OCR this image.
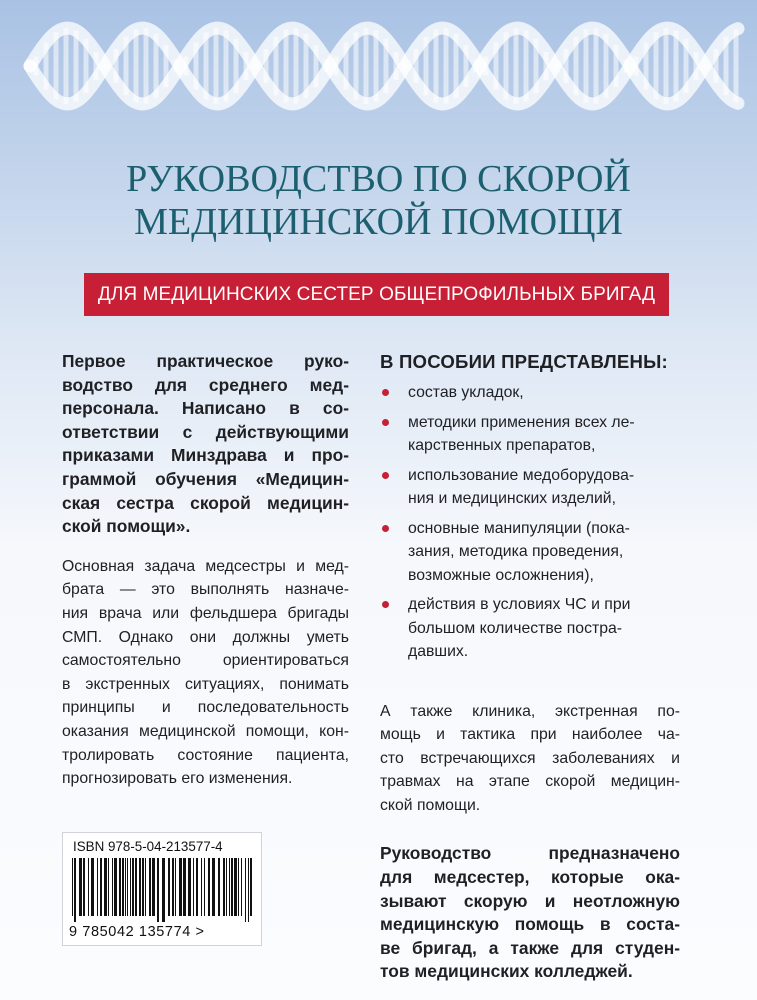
РУКОВОДСТВО ПО СКОРОЙ
МЕДИЦИНСКОЙ ПОМОЩИ
ДЛЯ МЕДИЦИНСКИХ СЕСТЕР ОБЩЕПРОФИЛЬНЫХ БРИГАД

Первое практическое руко-
водство для среднего мед-
персонала. Написано в со-
ответствии с действующими
приказами Минздрава и про-
граммой обучения «Медицин-
ская сестра скорой медицин-
ской помощи».

Основная задача медсестры и мед-
брата — это выполнять назначе-
ния врача или фельдшера бригады
СМП. Однако они должны уметь
самостоятельно ориентироваться
в экстренных ситуациях, понимать
принципы и последовательность
оказания медицинской помощи, кон-
тролировать состояние пациента,
прогнозировать его изменения.

В ПОСОБИИ ПРЕДСТАВЛЕНЫ:

состав укладок,
методики применения всех ле-
карственных препаратов,
использование медоборудова-
ния и медицинских изделий,
основные манипуляции (пока-
зания, методика проведения,
возможные осложнения),
действия в условиях ЧС и при
большом количестве постра-
давших.

А также клиника, экстренная по-
мощь и тактика при наиболее ча-
сто встречающихся заболеваниях и
травмах на этапе скорой медицин-
ской помощи.

Руководство предназначено
для медсестер, которые ока-
зывают скорую и неотложную
медицинскую помощь в соста-
ве бригад, а также для студен-
тов медицинских колледжей.

ISBN 978-5-04-213577-4
9 785042 135774 >
